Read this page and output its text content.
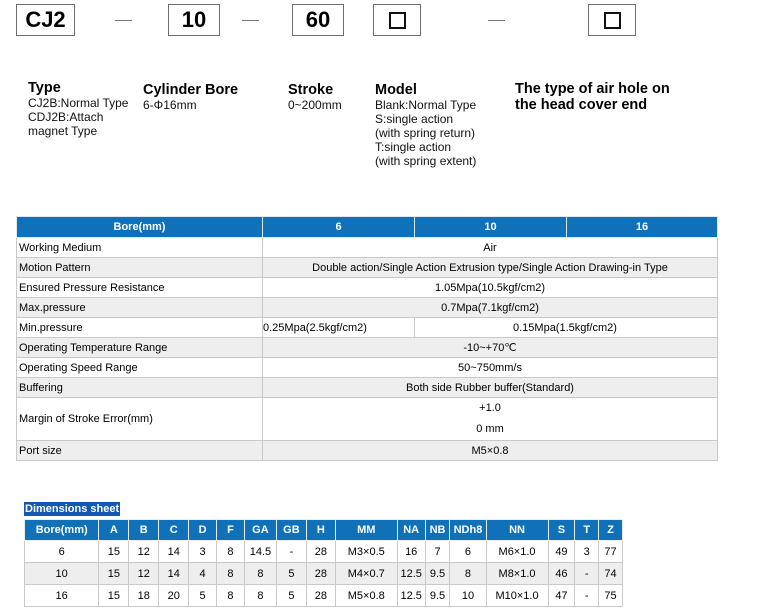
CJ2	10	60
Type
CJ2B:Normal Type
CDJ2B:Attach
magnet Type
Cylinder Bore
6-Φ16mm
Stroke
0~200mm
Model
Blank:Normal Type
S:single action
(with spring return)
T:single action
(with spring extent)
The type of air hole on
the head cover end
Bore(mm)	6	10	16
Working Medium	Air		
Motion Pattern	Double action/Single Action Extrusion type/Single Action Drawing-in Type		
Ensured Pressure Resistance	1.05Mpa(10.5kgf/cm2)		
Max.pressure	0.7Mpa(7.1kgf/cm2)		
Min.pressure	0.25Mpa(2.5kgf/cm2)	0.15Mpa(1.5kgf/cm2)	
Operating Temperature Range	-10~+70℃		
Operating Speed Range	50~750mm/s		
Buffering	Both side Rubber buffer(Standard)		
Margin of Stroke Error(mm)	+1.0
0 mm		

Port size	M5×0.8		
Dimensions sheet
Bore(mm)	A	B	C	D	F	GA	GB	H	MM	NA	NB	NDh8	NN	S	T	Z
6	15	12	14	3	8	14.5	-	28	M3×0.5	16	7	6	M6×1.0	49	3	77
10	15	12	14	4	8	8	5	28	M4×0.7	12.5	9.5	8	M8×1.0	46	-	74
16	15	18	20	5	8	8	5	28	M5×0.8	12.5	9.5	10	M10×1.0	47	-	75
